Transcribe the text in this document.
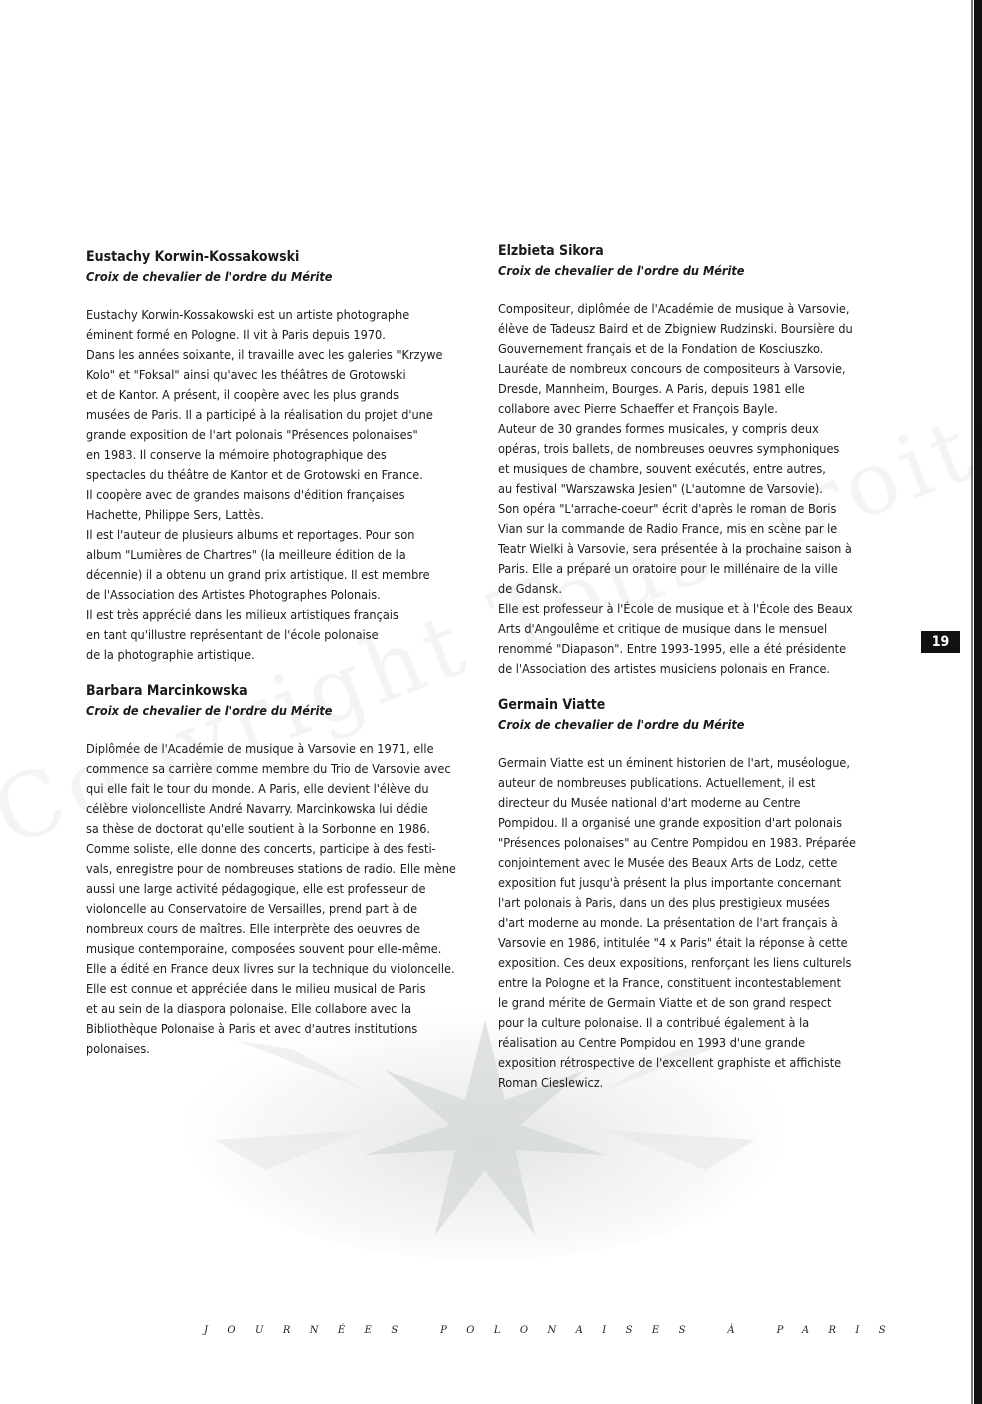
Eustachy Korwin-Kossakowski

Croix de chevalier de l'ordre du Mérite

Eustachy Korwin-Kossakowski est un artiste photographe
éminent formé en Pologne. Il vit à Paris depuis 1970.
Dans les années soixante, il travaille avec les galeries "Krzywe
Kolo" et "Foksal" ainsi qu'avec les théâtres de Grotowski
et de Kantor. A présent, il coopère avec les plus grands
musées de Paris. Il a participé à la réalisation du projet d'une
grande exposition de l'art polonais "Présences polonaises"
en 1983. Il conserve la mémoire photographique des
spectacles du théâtre de Kantor et de Grotowski en France.
Il coopère avec de grandes maisons d'édition françaises
Hachette, Philippe Sers, Lattès.
Il est l'auteur de plusieurs albums et reportages. Pour son
album "Lumières de Chartres" (la meilleure édition de la
décennie) il a obtenu un grand prix artistique. Il est membre
de l'Association des Artistes Photographes Polonais.
Il est très apprécié dans les milieux artistiques français
en tant qu'illustre représentant de l'école polonaise
de la photographie artistique.

Barbara Marcinkowska

Croix de chevalier de l'ordre du Mérite

Diplômée de l'Académie de musique à Varsovie en 1971, elle
commence sa carrière comme membre du Trio de Varsovie avec
qui elle fait le tour du monde. A Paris, elle devient l'élève du
célèbre violoncelliste André Navarry. Marcinkowska lui dédie
sa thèse de doctorat qu'elle soutient à la Sorbonne en 1986.
Comme soliste, elle donne des concerts, participe à des festi-
vals, enregistre pour de nombreuses stations de radio. Elle mène
aussi une large activité pédagogique, elle est professeur de
violoncelle au Conservatoire de Versailles, prend part à de
nombreux cours de maîtres. Elle interprète des oeuvres de
musique contemporaine, composées souvent pour elle-même.
Elle a édité en France deux livres sur la technique du violoncelle.
Elle est connue et appréciée dans le milieu musical de Paris
et au sein de la diaspora polonaise. Elle collabore avec la
Bibliothèque Polonaise à Paris et avec d'autres institutions
polonaises.

Elzbieta Sikora

Croix de chevalier de l'ordre du Mérite

Compositeur, diplômée de l'Académie de musique à Varsovie,
élève de Tadeusz Baird et de Zbigniew Rudzinski. Boursière du
Gouvernement français et de la Fondation de Kosciuszko.
Lauréate de nombreux concours de compositeurs à Varsovie,
Dresde, Mannheim, Bourges. A Paris, depuis 1981 elle
collabore avec Pierre Schaeffer et François Bayle.
Auteur de 30 grandes formes musicales, y compris deux
opéras, trois ballets, de nombreuses oeuvres symphoniques
et musiques de chambre, souvent exécutés, entre autres,
au festival "Warszawska Jesien" (L'automne de Varsovie).
Son opéra "L'arrache-coeur" écrit d'après le roman de Boris
Vian sur la commande de Radio France, mis en scène par le
Teatr Wielki à Varsovie, sera présentée à la prochaine saison à
Paris. Elle a préparé un oratoire pour le millénaire de la ville
de Gdansk.
Elle est professeur à l'École de musique et à l'École des Beaux
Arts d'Angoulême et critique de musique dans le mensuel
renommé "Diapason". Entre 1993-1995, elle a été présidente
de l'Association des artistes musiciens polonais en France.

Germain Viatte

Croix de chevalier de l'ordre du Mérite

Germain Viatte est un éminent historien de l'art, muséologue,
auteur de nombreuses publications. Actuellement, il est
directeur du Musée national d'art moderne au Centre
Pompidou. Il a organisé une grande exposition d'art polonais
"Présences polonaises" au Centre Pompidou en 1983. Préparée
conjointement avec le Musée des Beaux Arts de Lodz, cette
exposition fut jusqu'à présent la plus importante concernant
l'art polonais à Paris, dans un des plus prestigieux musées
d'art moderne au monde. La présentation de l'art français à
Varsovie en 1986, intitulée "4 x Paris" était la réponse à cette
exposition. Ces deux expositions, renforçant les liens culturels
entre la Pologne et la France, constituent incontestablement
le grand mérite de Germain Viatte et de son grand respect
pour la culture polonaise. Il a contribué également à la
réalisation au Centre Pompidou en 1993 d'une grande
exposition rétrospective de l'excellent graphiste et affichiste
Roman Cieslewicz.

19
JOURNÉES POLONAISES À PARIS
